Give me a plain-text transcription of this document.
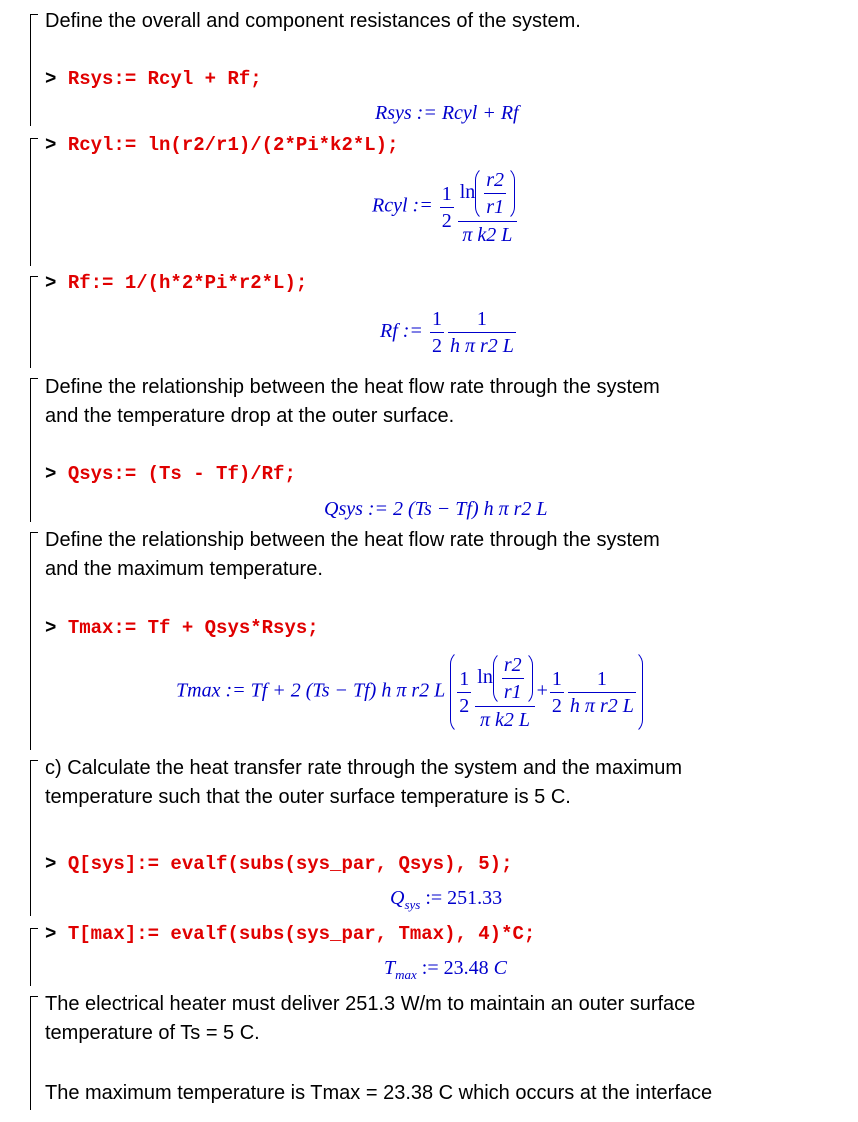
Define the overall and component resistances of the system.
> Rsys:= Rcyl + Rf;
Rsys := Rcyl + Rf
> Rcyl:= ln(r2/r1)/(2*Pi*k2*L);
Rcyl := $\frac{1}{2} \frac{\ln \frac{r2}{r1}}{\text{π k2 L}}$
> Rf:= 1/(h*2*Pi*r2*L);
Rf := $\frac{1}{2} \frac{1}{\text{h π r2 L}}$
Define the relationship between the heat flow rate through the system
and the temperature drop at the outer surface.
> Qsys:= (Ts - Tf)/Rf;
Qsys := 2 (Ts − Tf) h π r2 L
Define the relationship between the heat flow rate through the system
and the maximum temperature.
> Tmax:= Tf + Qsys*Rsys;
Tmax := Tf + 2 (Ts − Tf) h π r2 L $\frac{1}{2} \frac{\ln \frac{r2}{r1}}{\text{π k2 L}} + \frac{1}{2} \frac{1}{\text{h π r2 L}}$
c) Calculate the heat transfer rate through the system and the maximum
temperature such that the outer surface temperature is 5 C.
> Q[sys]:= evalf(subs(sys_par, Qsys), 5);
$Q_{sys}$ := 251.33
> T[max]:= evalf(subs(sys_par, Tmax), 4)*C;
$T_{max}$ := 23.48 C
The electrical heater must deliver 251.3 W/m to maintain an outer surface
temperature of Ts = 5 C.
The maximum temperature is Tmax = 23.38 C which occurs at the interface
